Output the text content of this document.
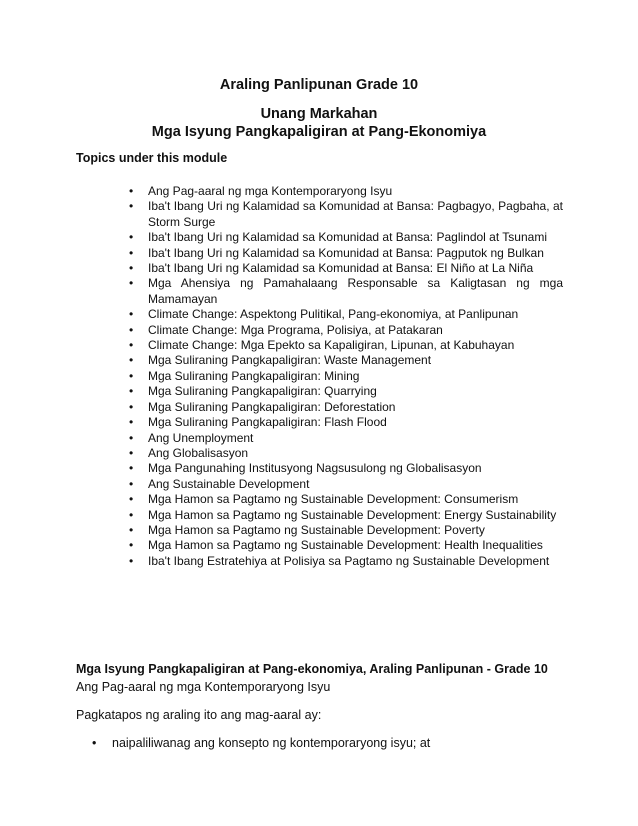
Araling Panlipunan Grade 10
Unang Markahan
Mga Isyung Pangkapaligiran at Pang-Ekonomiya
Topics under this module
• Ang Pag-aaral ng mga Kontemporaryong Isyu
• Iba't Ibang Uri ng Kalamidad sa Komunidad at Bansa: Pagbagyo, Pagbaha, at Storm Surge
• Iba't Ibang Uri ng Kalamidad sa Komunidad at Bansa: Paglindol at Tsunami
• Iba't Ibang Uri ng Kalamidad sa Komunidad at Bansa: Pagputok ng Bulkan
• Iba't Ibang Uri ng Kalamidad sa Komunidad at Bansa: El Niño at La Niña
• Mga Ahensiya ng Pamahalaang Responsable sa Kaligtasan ng mga Mamamayan
• Climate Change: Aspektong Pulitikal, Pang-ekonomiya, at Panlipunan
• Climate Change: Mga Programa, Polisiya, at Patakaran
• Climate Change: Mga Epekto sa Kapaligiran, Lipunan, at Kabuhayan
• Mga Suliraning Pangkapaligiran: Waste Management
• Mga Suliraning Pangkapaligiran: Mining
• Mga Suliraning Pangkapaligiran: Quarrying
• Mga Suliraning Pangkapaligiran: Deforestation
• Mga Suliraning Pangkapaligiran: Flash Flood
• Ang Unemployment
• Ang Globalisasyon
• Mga Pangunahing Institusyong Nagsusulong ng Globalisasyon
• Ang Sustainable Development
• Mga Hamon sa Pagtamo ng Sustainable Development: Consumerism
• Mga Hamon sa Pagtamo ng Sustainable Development: Energy Sustainability
• Mga Hamon sa Pagtamo ng Sustainable Development: Poverty
• Mga Hamon sa Pagtamo ng Sustainable Development: Health Inequalities
• Iba't Ibang Estratehiya at Polisiya sa Pagtamo ng Sustainable Development
Mga Isyung Pangkapaligiran at Pang-ekonomiya, Araling Panlipunan - Grade 10
Ang Pag-aaral ng mga Kontemporaryong Isyu
Pagkatapos ng araling ito ang mag-aaral ay:
• naipaliliwanag ang konsepto ng kontemporaryong isyu; at
